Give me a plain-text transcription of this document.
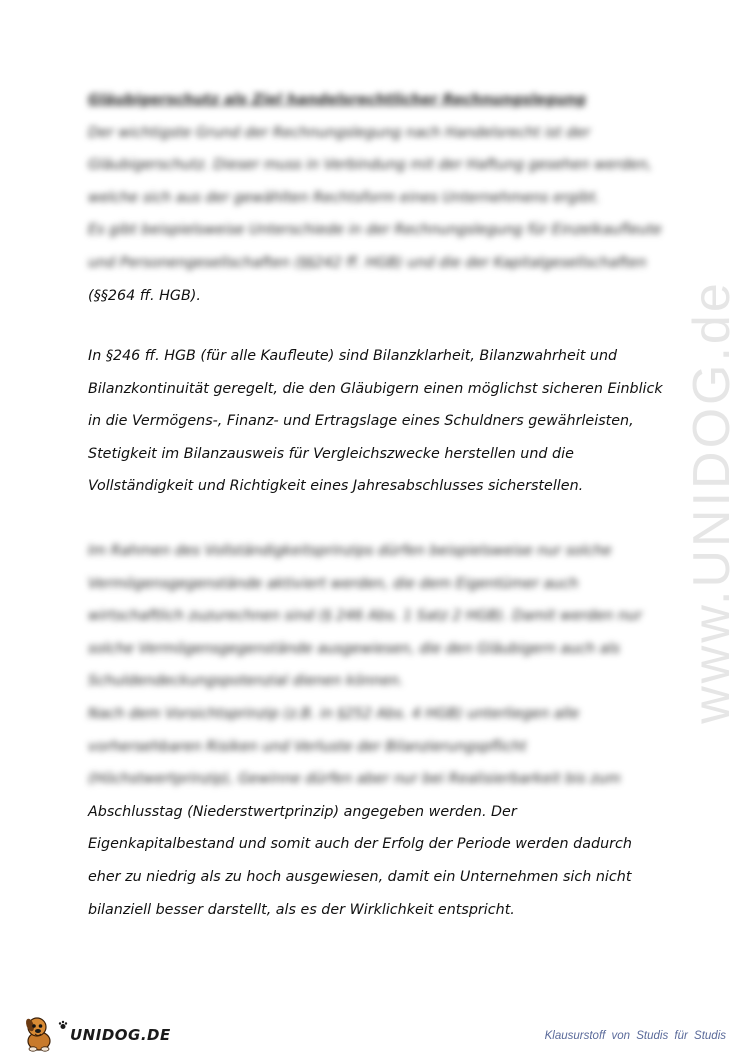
www.UNIDOG.de
Gläubigerschutz als Ziel handelsrechtlicher Rechnungslegung
Der wichtigste Grund der Rechnungslegung nach Handelsrecht ist der
Gläubigerschutz. Dieser muss in Verbindung mit der Haftung gesehen werden,
welche sich aus der gewählten Rechtsform eines Unternehmens ergibt.
Es gibt beispielsweise Unterschiede in der Rechnungslegung für Einzelkaufleute
und Personengesellschaften (§§242 ff. HGB) und die der Kapitalgesellschaften
(§§264 ff. HGB).
In §246 ff. HGB (für alle Kaufleute) sind Bilanzklarheit, Bilanzwahrheit und
Bilanzkontinuität geregelt, die den Gläubigern einen möglichst sicheren Einblick
in die Vermögens-, Finanz- und Ertragslage eines Schuldners gewährleisten,
Stetigkeit im Bilanzausweis für Vergleichszwecke herstellen und die
Vollständigkeit und Richtigkeit eines Jahresabschlusses sicherstellen.
Im Rahmen des Vollständigkeitsprinzips dürfen beispielsweise nur solche
Vermögensgegenstände aktiviert werden, die dem Eigentümer auch
wirtschaftlich zuzurechnen sind (§ 246 Abs. 1 Satz 2 HGB). Damit werden nur
solche Vermögensgegenstände ausgewiesen, die den Gläubigern auch als
Schuldendeckungspotenzial dienen können.
Nach dem Vorsichtsprinzip (z.B. in §252 Abs. 4 HGB) unterliegen alle
vorhersehbaren Risiken und Verluste der Bilanzierungspflicht
(Höchstwertprinzip), Gewinne dürfen aber nur bei Realisierbarkeit bis zum
Abschlusstag (Niederstwertprinzip) angegeben werden. Der
Eigenkapitalbestand und somit auch der Erfolg der Periode werden dadurch
eher zu niedrig als zu hoch ausgewiesen, damit ein Unternehmen sich nicht
bilanziell besser darstellt, als es der Wirklichkeit entspricht.
UNIDOG.DE	Klausurstoff von Studis für Studis
